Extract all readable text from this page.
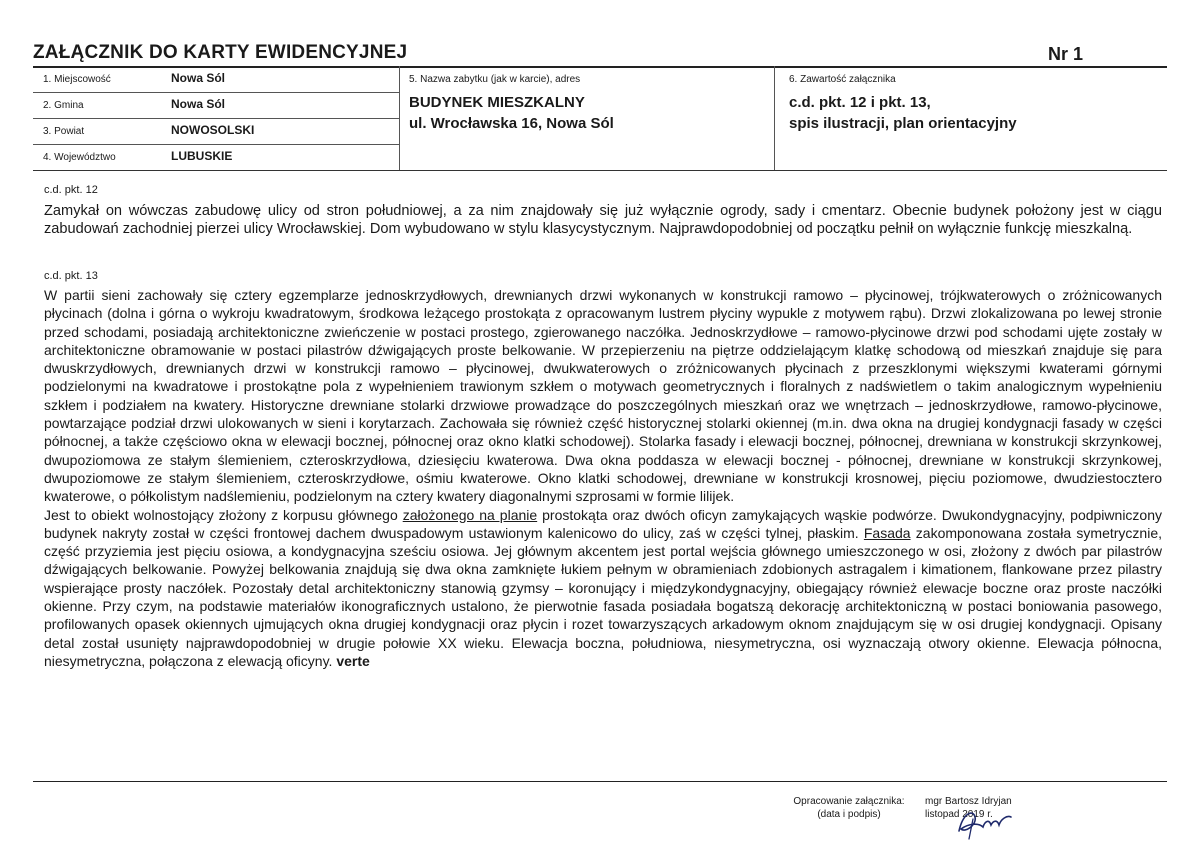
ZAŁĄCZNIK DO KARTY EWIDENCYJNEJ	Nr 1
1. Miejscowość	Nowa Sól
2. Gmina	Nowa Sól
3. Powiat	NOWOSOLSKI
4. Województwo	LUBUSKIE
5. Nazwa zabytku (jak w karcie), adres
BUDYNEK MIESZKALNY
ul. Wrocławska 16, Nowa Sól
6. Zawartość załącznika
c.d. pkt. 12 i pkt. 13,
spis ilustracji, plan orientacyjny
c.d. pkt. 12

Zamykał on wówczas zabudowę ulicy od stron południowej, a za nim znajdowały się już wyłącznie ogrody, sady i cmentarz. Obecnie budynek położony jest w ciągu zabudowań zachodniej pierzei ulicy Wrocławskiej. Dom wybudowano w stylu klasycystycznym. Najprawdopodobniej od początku pełnił on wyłącznie funkcję mieszkalną.

c.d. pkt. 13

W partii sieni zachowały się cztery egzemplarze jednoskrzydłowych, drewnianych drzwi wykonanych w konstrukcji ramowo – płycinowej, trójkwaterowych o zróżnicowanych płycinach (dolna i górna o wykroju kwadratowym, środkowa leżącego prostokąta z opracowanym lustrem płyciny wypukle z motywem rąbu). Drzwi zlokalizowana po lewej stronie przed schodami, posiadają architektoniczne zwieńczenie w postaci prostego, zgierowanego naczółka. Jednoskrzydłowe – ramowo-płycinowe drzwi pod schodami ujęte zostały w architektoniczne obramowanie w postaci pilastrów dźwigających proste belkowanie. W przepierzeniu na piętrze oddzielającym klatkę schodową od mieszkań znajduje się para dwuskrzydłowych, drewnianych drzwi w konstrukcji ramowo – płycinowej, dwukwaterowych o zróżnicowanych płycinach z przeszklonymi większymi kwaterami górnymi podzielonymi na kwadratowe i prostokątne pola z wypełnieniem trawionym szkłem o motywach geometrycznych i floralnych z nadświetlem o takim analogicznym wypełnieniu szkłem i podziałem na kwatery. Historyczne drewniane stolarki drzwiowe prowadzące do poszczególnych mieszkań oraz we wnętrzach – jednoskrzydłowe, ramowo-płycinowe, powtarzające podział drzwi ulokowanych w sieni i korytarzach. Zachowała się również część historycznej stolarki okiennej (m.in. dwa okna na drugiej kondygnacji fasady w części północnej, a także częściowo okna w elewacji bocznej, północnej oraz okno klatki schodowej). Stolarka fasady i elewacji bocznej, północnej, drewniana w konstrukcji skrzynkowej, dwupoziomowa ze stałym ślemieniem, czteroskrzydłowa, dziesięciu kwaterowa. Dwa okna poddasza w elewacji bocznej - północnej, drewniane w konstrukcji skrzynkowej, dwupoziomowe ze stałym ślemieniem, czteroskrzydłowe, ośmiu kwaterowe. Okno klatki schodowej, drewniane w konstrukcji krosnowej, pięciu poziomowe, dwudziestoczt​ero kwaterowe, o półkolistym nadślemieniu, podzielonym na cztery kwatery diagonalnymi szprosami w formie lilijek.
Jest to obiekt wolnostojący złożony z korpusu głównego założonego na planie prostokąta oraz dwóch oficyn zamykających wąskie podwórze. Dwukondygnacyjny, podpiwniczony budynek nakryty został w części frontowej dachem dwuspadowym ustawionym kalenicowo do ulicy, zaś w części tylnej, płaskim. Fasada zakomponowana została symetrycznie, część przyziemia jest pięciu osiowa, a kondygnacyjna sześciu osiowa. Jej głównym akcentem jest portal wejścia głównego umieszczonego w osi, złożony z dwóch par pilastrów dźwigających belkowanie. Powyżej belkowania znajdują się dwa okna zamknięte łukiem pełnym w obramieniach zdobionych astragalem i kimationem, flankowane przez pilastry wspierające prosty naczółek. Pozostały detal architektoniczny stanowią gzymsy – koronujący i międzykondygnacyjny, obiegający również elewacje boczne oraz proste naczółki okienne. Przy czym, na podstawie materiałów ikonograficznych ustalono, że pierwotnie fasada posiadała bogatszą dekorację architektoniczną w postaci boniowania pasowego, profilowanych opasek okiennych ujmujących okna drugiej kondygnacji oraz płycin i rozet towarzyszących arkadowym oknom znajdującym się w osi drugiej kondygnacji. Opisany detal został usunięty najprawdopodobniej w drugie połowie XX wieku. Elewacja boczna, południowa, niesymetryczna, osi wyznaczają otwory okienne. Elewacja północna, niesymetryczna, połączona z elewacją oficyny. verte

Opracowanie załącznika:
(data i podpis)
mgr Bartosz Idryjan
listopad 2019 r.
